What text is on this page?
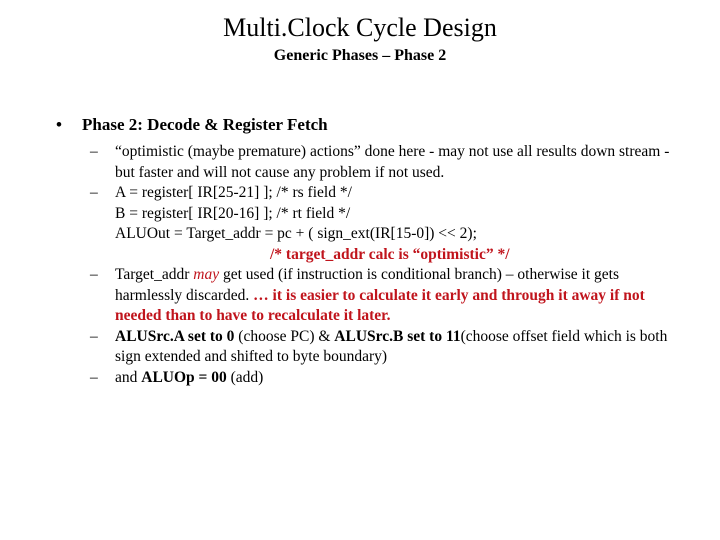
Multi.Clock Cycle Design
Generic Phases – Phase 2
• Phase 2: Decode & Register Fetch
– “optimistic (maybe premature) actions” done here - may not use all results down stream - but faster and will not cause any problem if not used.
– A = register[ IR[25-21] ]; /* rs field */
B = register[ IR[20-16] ]; /* rt field */
ALUOut = Target_addr = pc + ( sign_ext(IR[15-0]) << 2);
/* target_addr calc is “optimistic” */
– Target_addr may get used (if instruction is conditional branch) – otherwise it gets harmlessly discarded. … it is easier to calculate it early and through it away if not needed than to have to recalculate it later.
– ALUSrc.A set to 0 (choose PC) & ALUSrc.B set to 11(choose offset field which is both sign extended and shifted to byte boundary)
– and ALUOp = 00 (add)
